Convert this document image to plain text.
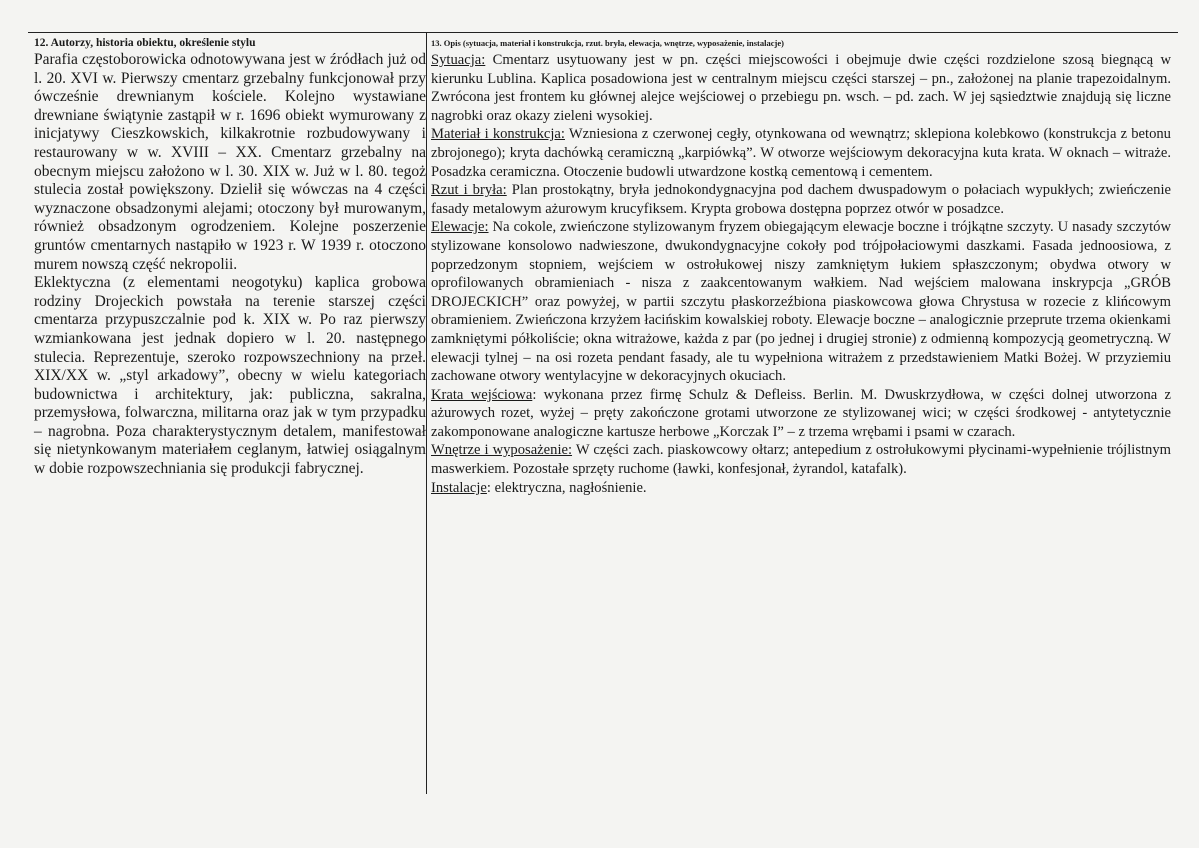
12. Autorzy, historia obiektu, określenie stylu

Parafia częstoborowicka odnotowywana jest w źródłach już od l. 20. XVI w. Pierwszy cmentarz grzebalny funkcjonował przy ówcześnie drewnianym kościele. Kolejno wystawiane drewniane świątynie zastąpił w r. 1696 obiekt wymurowany z inicjatywy Cieszkowskich, kilkakrotnie rozbudowywany i restaurowany w w. XVIII – XX. Cmentarz grzebalny na obecnym miejscu założono w l. 30. XIX w. Już w l. 80. tegoż stulecia został powiększony. Dzielił się wówczas na 4 części wyznaczone obsadzonymi alejami; otoczony był murowanym, również obsadzonym ogrodzeniem. Kolejne poszerzenie gruntów cmentarnych nastąpiło w 1923 r. W 1939 r. otoczono murem nowszą część nekropolii.

Eklektyczna (z elementami neogotyku) kaplica grobowa rodziny Drojeckich powstała na terenie starszej części cmentarza przypuszczalnie pod k. XIX w. Po raz pierwszy wzmiankowana jest jednak dopiero w l. 20. następnego stulecia. Reprezentuje, szeroko rozpowszechniony na przeł. XIX/XX w. „styl arkadowy”, obecny w wielu kategoriach budownictwa i architektury, jak: publiczna, sakralna, przemysłowa, folwarczna, militarna oraz jak w tym przypadku – nagrobna. Poza charakterystycznym detalem, manifestował się nietynkowanym materiałem ceglanym, łatwiej osiągalnym w dobie rozpowszechniania się produkcji fabrycznej.

13. Opis (sytuacja, materiał i konstrukcja, rzut. bryła, elewacja, wnętrze, wyposażenie, instalacje)

Sytuacja: Cmentarz usytuowany jest w pn. części miejscowości i obejmuje dwie części rozdzielone szosą biegnącą w kierunku Lublina. Kaplica posadowiona jest w centralnym miejscu części starszej – pn., założonej na planie trapezoidalnym. Zwrócona jest frontem ku głównej alejce wejściowej o przebiegu pn. wsch. – pd. zach. W jej sąsiedztwie znajdują się liczne nagrobki oraz okazy zieleni wysokiej.

Materiał i konstrukcja: Wzniesiona z czerwonej cegły, otynkowana od wewnątrz; sklepiona kolebkowo (konstrukcja z betonu zbrojonego); kryta dachówką ceramiczną „karpiówką”. W otworze wejściowym dekoracyjna kuta krata. W oknach – witraże. Posadzka ceramiczna. Otoczenie budowli utwardzone kostką cementową i cementem.

Rzut i bryła: Plan prostokątny, bryła jednokondygnacyjna pod dachem dwuspadowym o połaciach wypukłych; zwieńczenie fasady metalowym ażurowym krucyfiksem. Krypta grobowa dostępna poprzez otwór w posadzce.

Elewacje: Na cokole, zwieńczone stylizowanym fryzem obiegającym elewacje boczne i trójkątne szczyty. U nasady szczytów stylizowane konsolowo nadwieszone, dwukondygnacyjne cokoły pod trójpołaciowymi daszkami. Fasada jednoosiowa, z poprzedzonym stopniem, wejściem w ostrołukowej niszy zamkniętym łukiem spłaszczonym; obydwa otwory w oprofilowanych obramieniach - nisza z zaakcentowanym wałkiem. Nad wejściem malowana inskrypcja „GRÓB DROJECKICH” oraz powyżej, w partii szczytu płaskorzeźbiona piaskowcowa głowa Chrystusa w rozecie z klińcowym obramieniem. Zwieńczona krzyżem łacińskim kowalskiej roboty. Elewacje boczne – analogicznie przeprute trzema okienkami zamkniętymi półkoliście; okna witrażowe, każda z par (po jednej i drugiej stronie) z odmienną kompozycją geometryczną. W elewacji tylnej – na osi rozeta pendant fasady, ale tu wypełniona witrażem z przedstawieniem Matki Bożej. W przyziemiu zachowane otwory wentylacyjne w dekoracyjnych okuciach.

Krata wejściowa: wykonana przez firmę Schulz & Defleiss. Berlin. M. Dwuskrzydłowa, w części dolnej utworzona z ażurowych rozet, wyżej – pręty zakończone grotami utworzone ze stylizowanej wici; w części środkowej - antytetycznie zakomponowane analogiczne kartusze herbowe „Korczak I” – z trzema wrębami i psami w czarach.

Wnętrze i wyposażenie: W części zach. piaskowcowy ołtarz; antepedium z ostrołukowymi płycinami-wypełnienie trójlistnym maswerkiem. Pozostałe sprzęty ruchome (ławki, konfesjonał, żyrandol, katafalk).

Instalacje: elektryczna, nagłośnienie.
